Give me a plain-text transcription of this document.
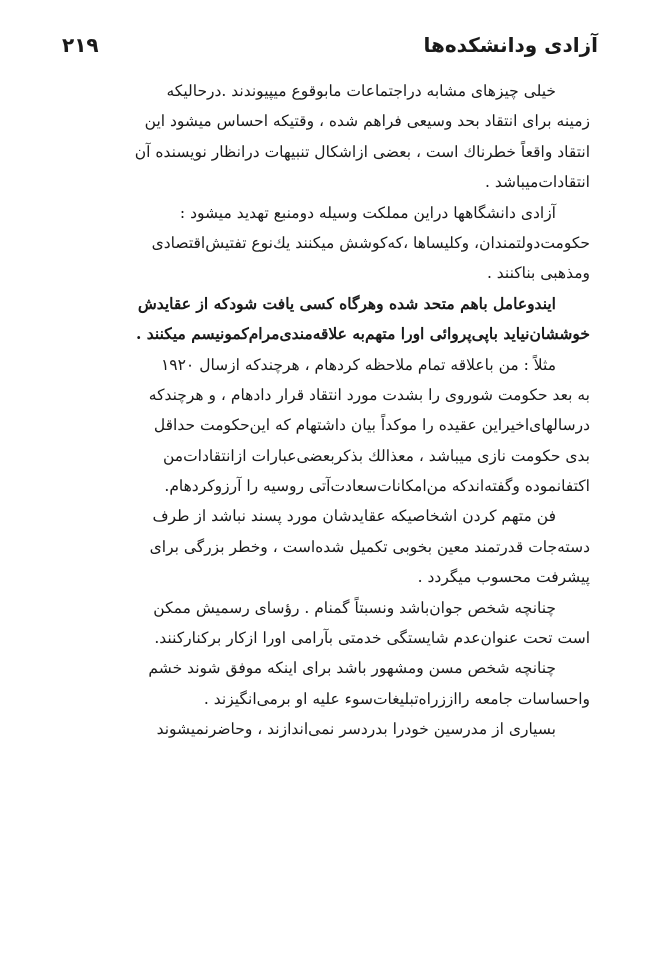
آزادی ودانشکده‌ها
۲۱۹
خیلی چیزهای مشابه دراجتماعات مابوقوع میپیوندند .درحالیکه
زمینه برای انتقاد بحد وسیعی فراهم شده ، وقتیکه احساس میشود این
انتقاد واقعاً خطرناك است ، بعضی ازاشکال تنبیهات درانظار نویسنده آن
انتقادات‌میباشد .
آزادی دانشگاهها دراین مملکت وسیله دومنبع تهدید میشود :
حکومت‌دولتمندان، وکلیساها ،که‌کوشش میکنند یك‌نوع تفتیش‌اقتصادی
ومذهبی بناکنند .
ایندوعامل باهم متحد شده وهرگاه کسی یافت شودکه از عقایدش
خوششان‌نیاید باپی‌پروائی اورا متهم‌به علاقه‌مندی‌مرام‌کمونیسم میکنند .
مثلاً : من باعلاقه تمام ملاحظه کردهام ، هرچندکه ازسال ۱۹۲۰
به بعد حکومت شوروی را بشدت مورد انتقاد قرار دادهام ، و هرچندکه
درسالهای‌اخیراین عقیده را موکداً بیان داشتهام که این‌حکومت حداقل
بدی حکومت نازی میباشد ، معذالك بذکربعضی‌عبارات ازانتقادات‌من
اکتفانموده وگفته‌اندکه من‌امکانات‌سعادت‌آتی روسیه را آرزوکردهام.
فن متهم کردن اشخاصیکه عقایدشان مورد پسند نباشد از طرف
دسته‌جات قدرتمند معین بخوبی تکمیل شده‌است ، وخطر بزرگی برای
پیشرفت محسوب میگردد .
چنانچه شخص جوان‌باشد ونسبتاً گمنام . رؤسای رسمیش ممکن
است تحت عنوان‌عدم شایستگی خدمتی بآرامی اورا ازکار برکنارکنند.
چنانچه شخص مسن ومشهور باشد برای اینکه موفق شوند خشم
واحساسات جامعه رااززراه‌تبلیغات‌سوء علیه او برمی‌انگیزند .
بسیاری از مدرسین خودرا بدردسر نمی‌اندازند ، وحاضرنمیشوند
